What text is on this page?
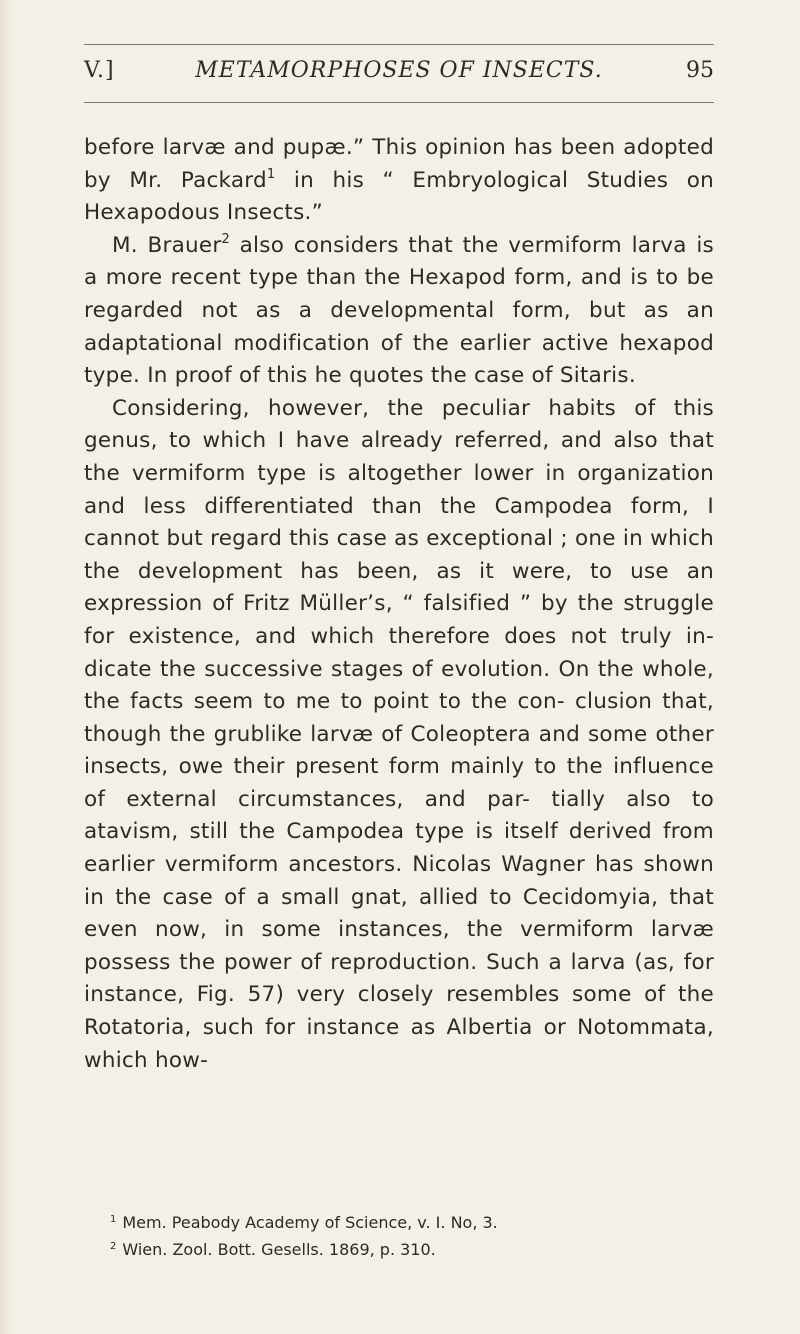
V.]	METAMORPHOSES OF INSECTS.	95

before larvæ and pupæ.” This opinion has been adopted by Mr. Packard$^1$ in his “ Embryological Studies on Hexapodous Insects.”

M. Brauer$^2$ also considers that the vermiform larva is a more recent type than the Hexapod form, and is to be regarded not as a developmental form, but as an adaptational modification of the earlier active hexapod type. In proof of this he quotes the case of Sitaris.

Considering, however, the peculiar habits of this genus, to which I have already referred, and also that the vermiform type is altogether lower in organization and less differentiated than the Campodea form, I cannot but regard this case as exceptional ; one in which the development has been, as it were, to use an expression of Fritz Müller’s, “ falsified ” by the struggle for existence, and which therefore does not truly in- dicate the successive stages of evolution. On the whole, the facts seem to me to point to the con- clusion that, though the grublike larvæ of Coleoptera and some other insects, owe their present form mainly to the influence of external circumstances, and par- tially also to atavism, still the Campodea type is itself derived from earlier vermiform ancestors. Nicolas Wagner has shown in the case of a small gnat, allied to Cecidomyia, that even now, in some instances, the vermiform larvæ possess the power of reproduction. Such a larva (as, for instance, Fig. 57) very closely resembles some of the Rotatoria, such for instance as Albertia or Notommata, which how-

$^1$ Mem. Peabody Academy of Science, v. I. No, 3.

$^2$ Wien. Zool. Bott. Gesells. 1869, p. 310.
